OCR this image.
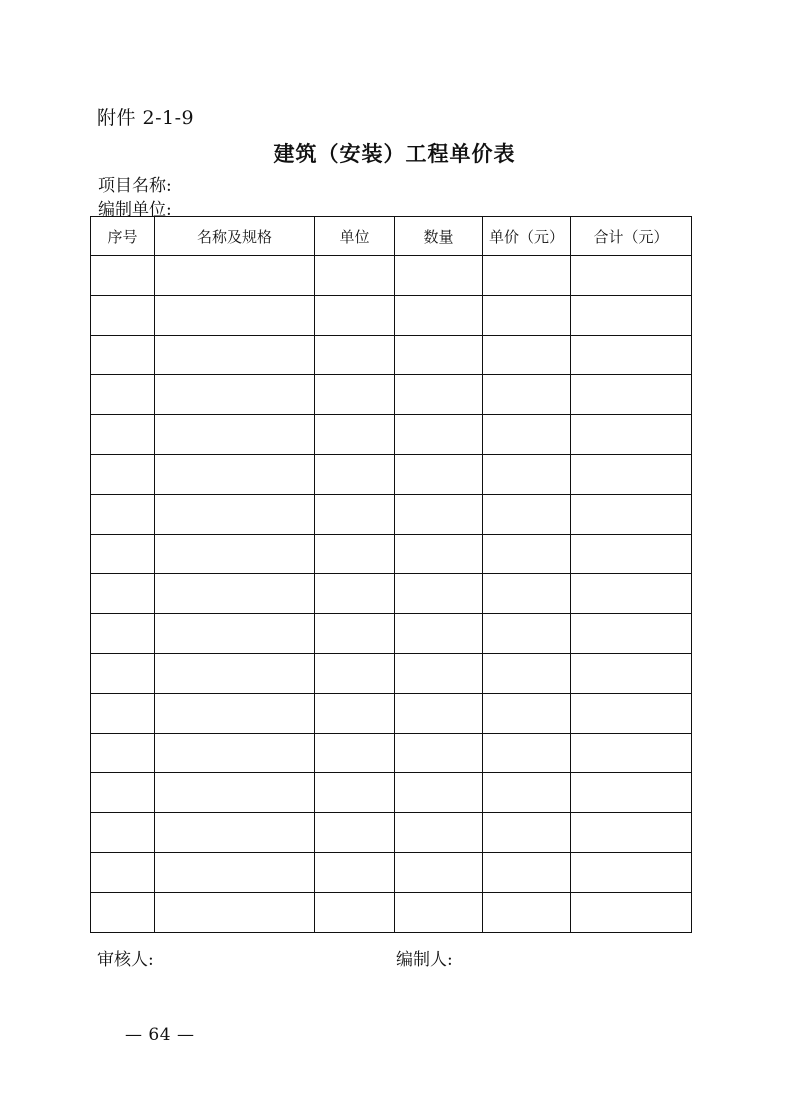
附件 2-1-9
建筑（安装）工程单价表
项目名称:
编制单位:
序号	名称及规格	单位	数量	单价（元）	合计（元）

审核人:	编制人:
— 64 —
